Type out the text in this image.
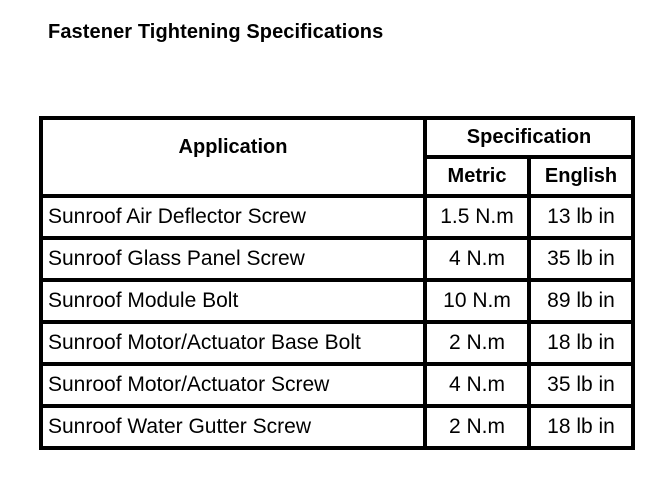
Fastener Tightening Specifications
Application	Specification	
	Metric	English
Sunroof Air Deflector Screw	1.5 N.m	13 lb in
Sunroof Glass Panel Screw	4 N.m	35 lb in
Sunroof Module Bolt	10 N.m	89 lb in
Sunroof Motor/Actuator Base Bolt	2 N.m	18 lb in
Sunroof Motor/Actuator Screw	4 N.m	35 lb in
Sunroof Water Gutter Screw	2 N.m	18 lb in
